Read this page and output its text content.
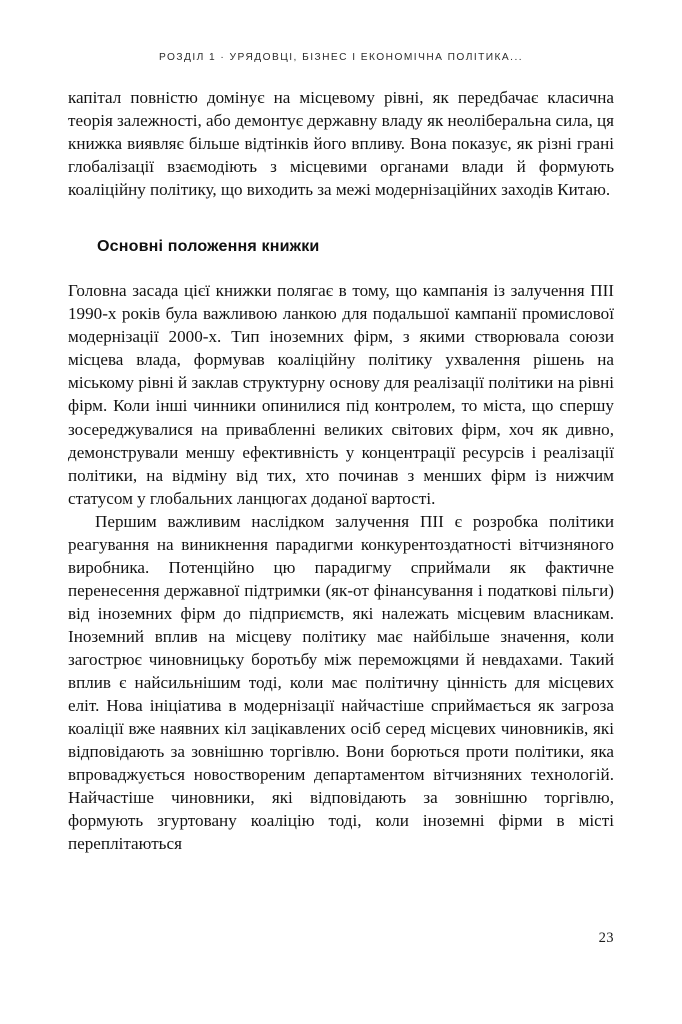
РОЗДІЛ 1 · УРЯДОВЦІ, БІЗНЕС І ЕКОНОМІЧНА ПОЛІТИКА...

капітал повністю домінує на місцевому рівні, як передбачає класична теорія залежності, або демонтує державну владу як неоліберальна сила, ця книжка виявляє більше відтінків його впливу. Вона показує, як різні грані глобалізації взаємодіють з місцевими органами влади й формують коаліційну політику, що виходить за межі модернізаційних заходів Китаю.

Основні положення книжки

Головна засада цієї книжки полягає в тому, що кампанія із залучення ПІІ 1990-х років була важливою ланкою для подальшої кампанії промислової модернізації 2000-х. Тип іноземних фірм, з якими створювала союзи місцева влада, формував коаліційну політику ухвалення рішень на міському рівні й заклав структурну основу для реалізації політики на рівні фірм. Коли інші чинники опинилися під контролем, то міста, що спершу зосереджувалися на привабленні великих світових фірм, хоч як дивно, демонстрували меншу ефективність у концентрації ресурсів і реалізації політики, на відміну від тих, хто починав з менших фірм із нижчим статусом у глобальних ланцюгах доданої вартості.

Першим важливим наслідком залучення ПІІ є розробка політики реагування на виникнення парадигми конкурентоздатності вітчизняного виробника. Потенційно цю парадигму сприймали як фактичне перенесення державної підтримки (як-от фінансування і податкові пільги) від іноземних фірм до підприємств, які належать місцевим власникам. Іноземний вплив на місцеву політику має найбільше значення, коли загострює чиновницьку боротьбу між переможцями й невдахами. Такий вплив є найсильнішим тоді, коли має політичну цінність для місцевих еліт. Нова ініціатива в модернізації найчастіше сприймається як загроза коаліції вже наявних кіл зацікавлених осіб серед місцевих чиновників, які відповідають за зовнішню торгівлю. Вони борються проти політики, яка впроваджується новоствореним департаментом вітчизняних технологій. Найчастіше чиновники, які відповідають за зовнішню торгівлю, формують згуртовану коаліцію тоді, коли іноземні фірми в місті переплітаються

23
